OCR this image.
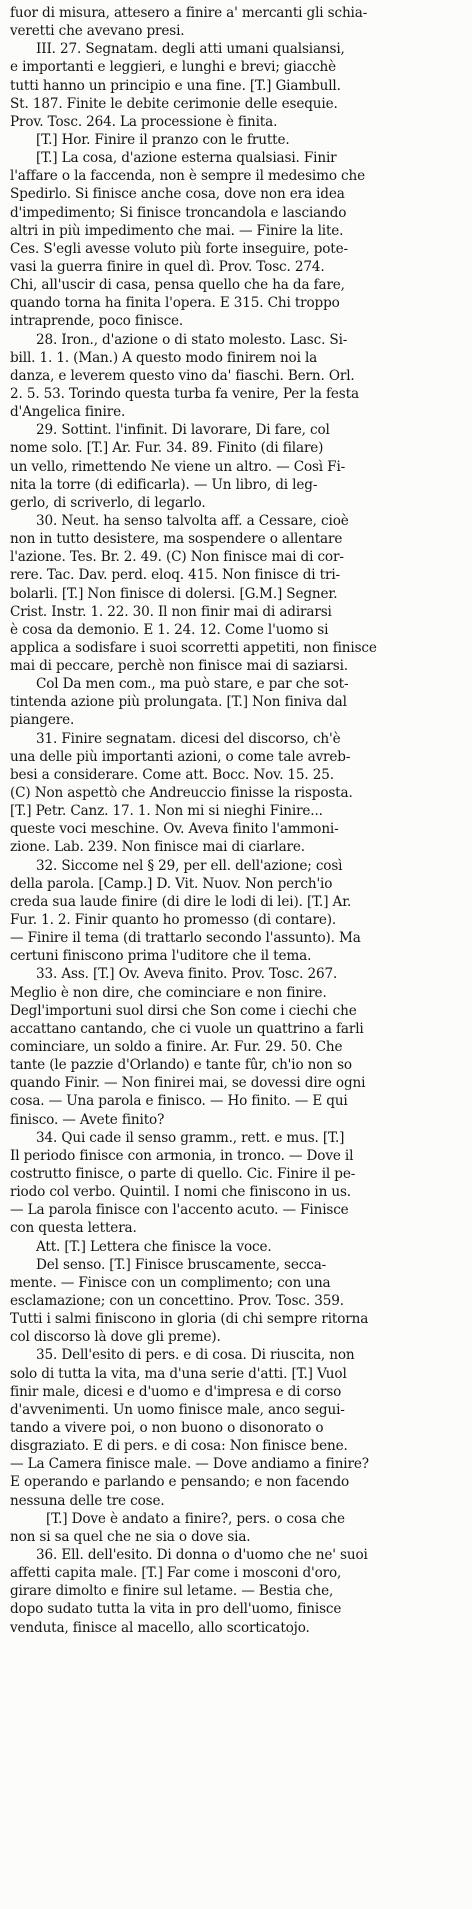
fuor di misura, attesero a finire a' mercanti gli schia-
veretti che avevano presi.
III. 27. Segnatam. degli atti umani qualsiansi,
e importanti e leggieri, e lunghi e brevi; giacchè
tutti hanno un principio e una fine. [T.] Giambull.
St. 187. Finite le debite cerimonie delle esequie.
Prov. Tosc. 264. La processione è finita.
[T.] Hor. Finire il pranzo con le frutte.
[T.] La cosa, d'azione esterna qualsiasi. Finir
l'affare o la faccenda, non è sempre il medesimo che
Spedirlo. Si finisce anche cosa, dove non era idea
d'impedimento; Si finisce troncandola e lasciando
altri in più impedimento che mai. — Finire la lite.
Ces. S'egli avesse voluto più forte inseguire, pote-
vasi la guerra finire in quel dì. Prov. Tosc. 274.
Chi, all'uscir di casa, pensa quello che ha da fare,
quando torna ha finita l'opera. E 315. Chi troppo
intraprende, poco finisce.
28. Iron., d'azione o di stato molesto. Lasc. Si-
bill. 1. 1. (Man.) A questo modo finirem noi la
danza, e leverem questo vino da' fiaschi. Bern. Orl.
2. 5. 53. Torindo questa turba fa venire, Per la festa
d'Angelica finire.
29. Sottint. l'infinit. Di lavorare, Di fare, col
nome solo. [T.] Ar. Fur. 34. 89. Finito (di filare)
un vello, rimettendo Ne viene un altro. — Così Fi-
nita la torre (di edificarla). — Un libro, di leg-
gerlo, di scriverlo, di legarlo.
30. Neut. ha senso talvolta aff. a Cessare, cioè
non in tutto desistere, ma sospendere o allentare
l'azione. Tes. Br. 2. 49. (C) Non finisce mai di cor-
rere. Tac. Dav. perd. eloq. 415. Non finisce di tri-
bolarli. [T.] Non finisce di dolersi. [G.M.] Segner.
Crist. Instr. 1. 22. 30. Il non finir mai di adirarsi
è cosa da demonio. E 1. 24. 12. Come l'uomo si
applica a sodisfare i suoi scorretti appetiti, non finisce
mai di peccare, perchè non finisce mai di saziarsi.
Col Da men com., ma può stare, e par che sot-
tintenda azione più prolungata. [T.] Non finiva dal
piangere.
31. Finire segnatam. dicesi del discorso, ch'è
una delle più importanti azioni, o come tale avreb-
besi a considerare. Come att. Bocc. Nov. 15. 25.
(C) Non aspettò che Andreuccio finisse la risposta.
[T.] Petr. Canz. 17. 1. Non mi si nieghi Finire...
queste voci meschine. Ov. Aveva finito l'ammoni-
zione. Lab. 239. Non finisce mai di ciarlare.
32. Siccome nel § 29, per ell. dell'azione; così
della parola. [Camp.] D. Vit. Nuov. Non perch'io
creda sua laude finire (di dire le lodi di lei). [T.] Ar.
Fur. 1. 2. Finir quanto ho promesso (di contare).
— Finire il tema (di trattarlo secondo l'assunto). Ma
certuni finiscono prima l'uditore che il tema.
33. Ass. [T.] Ov. Aveva finito. Prov. Tosc. 267.
Meglio è non dire, che cominciare e non finire.
Degl'importuni suol dirsi che Son come i ciechi che
accattano cantando, che ci vuole un quattrino a farli
cominciare, un soldo a finire. Ar. Fur. 29. 50. Che
tante (le pazzie d'Orlando) e tante fûr, ch'io non so
quando Finir. — Non finirei mai, se dovessi dire ogni
cosa. — Una parola e finisco. — Ho finito. — E qui
finisco. — Avete finito?
34. Qui cade il senso gramm., rett. e mus. [T.]
Il periodo finisce con armonia, in tronco. — Dove il
costrutto finisce, o parte di quello. Cic. Finire il pe-
riodo col verbo. Quintil. I nomi che finiscono in us.
— La parola finisce con l'accento acuto. — Finisce
con questa lettera.
Att. [T.] Lettera che finisce la voce.
Del senso. [T.] Finisce bruscamente, secca-
mente. — Finisce con un complimento; con una
esclamazione; con un concettino. Prov. Tosc. 359.
Tutti i salmi finiscono in gloria (di chi sempre ritorna
col discorso là dove gli preme).
35. Dell'esito di pers. e di cosa. Di riuscita, non
solo di tutta la vita, ma d'una serie d'atti. [T.] Vuol
finir male, dicesi e d'uomo e d'impresa e di corso
d'avvenimenti. Un uomo finisce male, anco segui-
tando a vivere poi, o non buono o disonorato o
disgraziato. E di pers. e di cosa: Non finisce bene.
— La Camera finisce male. — Dove andiamo a finire?
E operando e parlando e pensando; e non facendo
nessuna delle tre cose.
[T.] Dove è andato a finire?, pers. o cosa che
non si sa quel che ne sia o dove sia.
36. Ell. dell'esito. Di donna o d'uomo che ne' suoi
affetti capita male. [T.] Far come i mosconi d'oro,
girare dimolto e finire sul letame. — Bestia che,
dopo sudato tutta la vita in pro dell'uomo, finisce
venduta, finisce al macello, allo scorticatojo.
